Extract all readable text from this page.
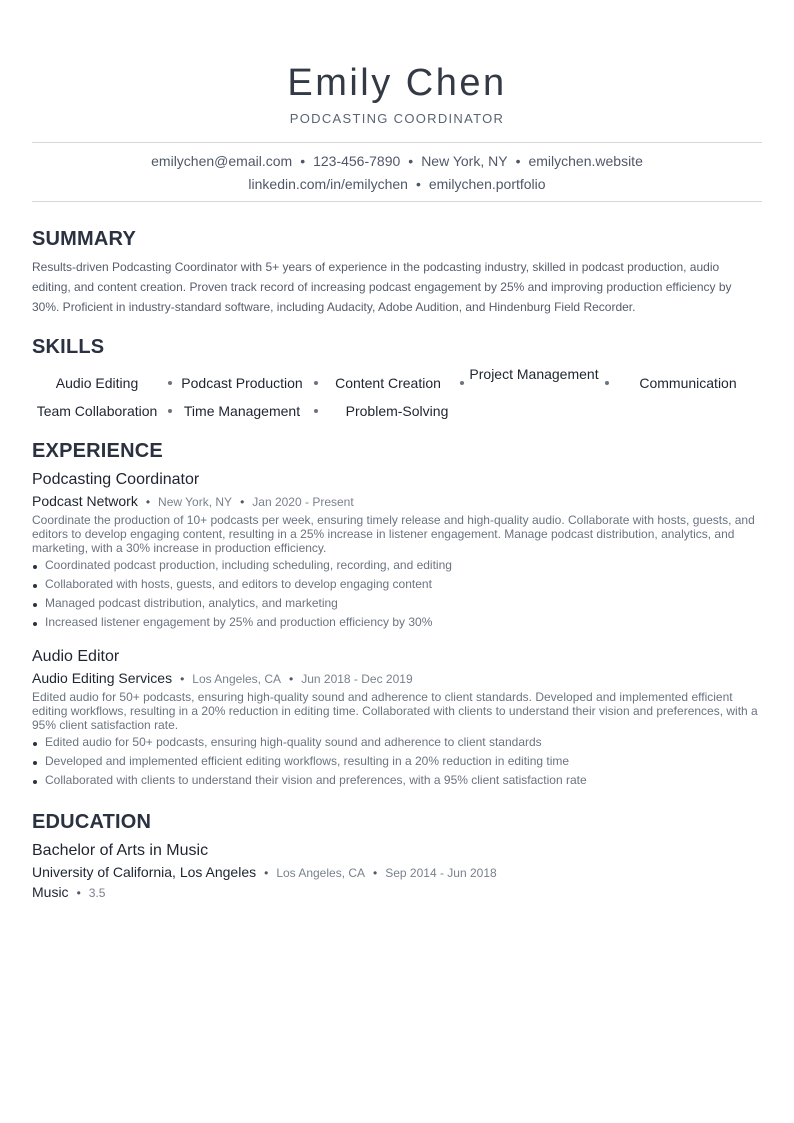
Emily Chen
PODCASTING COORDINATOR
emilychen@email.com • 123-456-7890 • New York, NY • emilychen.website
linkedin.com/in/emilychen • emilychen.portfolio
SUMMARY

Results-driven Podcasting Coordinator with 5+ years of experience in the podcasting industry, skilled in podcast production, audio editing, and content creation. Proven track record of increasing podcast engagement by 25% and improving production efficiency by 30%. Proficient in industry-standard software, including Audacity, Adobe Audition, and Hindenburg Field Recorder.

SKILLS
Audio Editing	Podcast Production	Content Creation
Project Management
Communication
Team Collaboration	Time Management	Problem-Solving
EXPERIENCE
Podcasting Coordinator
Podcast Network • New York, NY • Jan 2020 - Present

Coordinate the production of 10+ podcasts per week, ensuring timely release and high-quality audio. Collaborate with hosts, guests, and editors to develop engaging content, resulting in a 25% increase in listener engagement. Manage podcast distribution, analytics, and marketing, with a 30% increase in production efficiency.

Coordinated podcast production, including scheduling, recording, and editing
Collaborated with hosts, guests, and editors to develop engaging content
Managed podcast distribution, analytics, and marketing
Increased listener engagement by 25% and production efficiency by 30%
Audio Editor
Audio Editing Services • Los Angeles, CA • Jun 2018 - Dec 2019

Edited audio for 50+ podcasts, ensuring high-quality sound and adherence to client standards. Developed and implemented efficient editing workflows, resulting in a 20% reduction in editing time. Collaborated with clients to understand their vision and preferences, with a 95% client satisfaction rate.

Edited audio for 50+ podcasts, ensuring high-quality sound and adherence to client standards
Developed and implemented efficient editing workflows, resulting in a 20% reduction in editing time
Collaborated with clients to understand their vision and preferences, with a 95% client satisfaction rate
EDUCATION
Bachelor of Arts in Music
University of California, Los Angeles • Los Angeles, CA • Sep 2014 - Jun 2018
Music • 3.5
